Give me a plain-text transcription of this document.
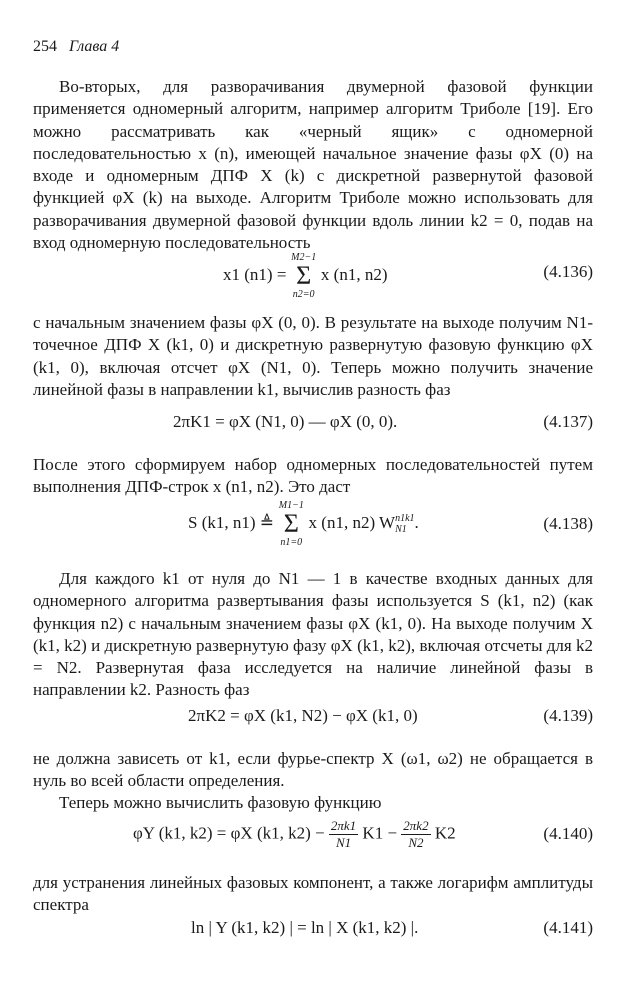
254 Глава 4
Во-вторых, для разворачивания двумерной фазовой функции применяется одномерный алгоритм, например алгоритм Триболе [19]. Его можно рассматривать как «черный ящик» с одномерной последовательностью x (n), имеющей начальное значение фазы φX (0) на входе и одномерным ДПФ X (k) с дискретной развернутой фазовой функцией φX (k) на выходе. Алгоритм Триболе можно использовать для разворачивания двумерной фазовой функции вдоль линии k2 = 0, подав на вход одномерную последовательность
x1 (n1) =
M2−1
Σ
n2=0
x (n1, n2)	(4.136)
с начальным значением фазы φX (0, 0). В результате на выходе получим N1-точечное ДПФ X (k1, 0) и дискретную развернутую фазовую функцию φX (k1, 0), включая отсчет φX (N1, 0). Теперь можно получить значение линейной фазы в направлении k1, вычислив разность фаз
2πK1 = φX (N1, 0) — φX (0, 0).	(4.137)
После этого сформируем набор одномерных последовательностей путем выполнения ДПФ-строк x (n1, n2). Это даст
S (k1, n1) ≜
M1−1
Σ
n1=0
x (n1, n2) W n1k1
N1 .	(4.138)
Для каждого k1 от нуля до N1 — 1 в качестве входных данных для одномерного алгоритма развертывания фазы используется S (k1, n2) (как функция n2) с начальным значением фазы φX (k1, 0). На выходе получим X (k1, k2) и дискретную развернутую фазу φX (k1, k2), включая отсчеты для k2 = N2. Развернутая фаза исследуется на наличие линейной фазы в направлении k2. Разность фаз
2πK2 = φX (k1, N2) − φX (k1, 0)	(4.139)
не должна зависеть от k1, если фурье-спектр X (ω1, ω2) не обращается в нуль во всей области определения.
Теперь можно вычислить фазовую функцию
φY (k1, k2) = φX (k1, $k2) - \frac{2\pi k1}{N1} K1 - \frac{2\pi k2}{N2} K2$	(4.140)
для устранения линейных фазовых компонент, а также логарифм амплитуды спектра
ln | Y (k1, k2) | = ln | X (k1, k2) |.	(4.141)
